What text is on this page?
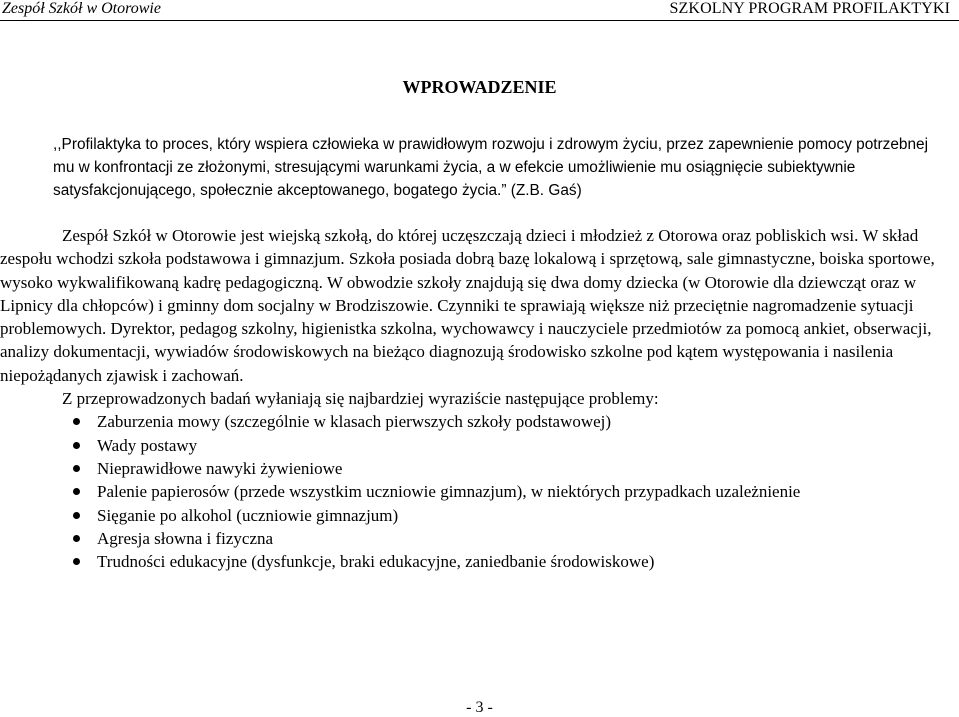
Zespół Szkół w Otorowie	SZKOLNY PROGRAM PROFILAKTYKI
WPROWADZENIE

,,Profilaktyka to proces, który wspiera człowieka w prawidłowym rozwoju i zdrowym życiu, przez zapewnienie pomocy potrzebnej mu w konfrontacji ze złożonymi, stresującymi warunkami życia, a w efekcie umożliwienie mu osiągnięcie subiektywnie satysfakcjonującego, społecznie akceptowanego, bogatego życia.” (Z.B. Gaś)

Zespół Szkół w Otorowie jest wiejską szkołą, do której uczęszczają dzieci i młodzież z Otorowa oraz pobliskich wsi. W skład zespołu wchodzi szkoła podstawowa i gimnazjum. Szkoła posiada dobrą bazę lokalową i sprzętową, sale gimnastyczne, boiska sportowe, wysoko wykwalifikowaną kadrę pedagogiczną. W obwodzie szkoły znajdują się dwa domy dziecka (w Otorowie dla dziewcząt oraz w Lipnicy dla chłopców) i gminny dom socjalny w Brodziszowie. Czynniki te sprawiają większe niż przeciętnie nagromadzenie sytuacji problemowych. Dyrektor, pedagog szkolny, higienistka szkolna, wychowawcy i nauczyciele przedmiotów za pomocą ankiet, obserwacji, analizy dokumentacji, wywiadów środowiskowych na bieżąco diagnozują środowisko szkolne pod kątem występowania i nasilenia niepożądanych zjawisk i zachowań.

Z przeprowadzonych badań wyłaniają się najbardziej wyraziście następujące problemy:

Zaburzenia mowy (szczególnie w klasach pierwszych szkoły podstawowej)
Wady postawy
Nieprawidłowe nawyki żywieniowe
Palenie papierosów (przede wszystkim uczniowie gimnazjum), w niektórych przypadkach uzależnienie
Sięganie po alkohol (uczniowie gimnazjum)
Agresja słowna i fizyczna
Trudności edukacyjne (dysfunkcje, braki edukacyjne, zaniedbanie środowiskowe)
- 3 -
